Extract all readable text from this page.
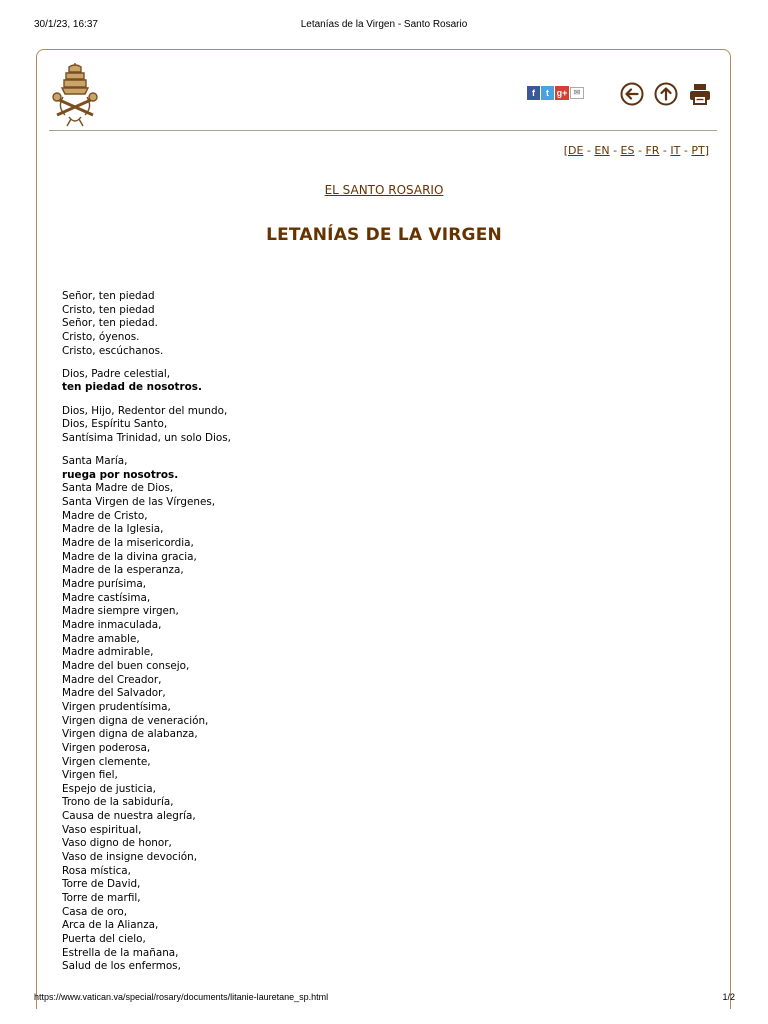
30/1/23, 16:37	Letanías de la Virgen - Santo Rosario
f	t g+ ✉
[DE - EN - ES - FR - IT - PT]
EL SANTO ROSARIO
LETANÍAS DE LA VIRGEN
Señor, ten piedad
Cristo, ten piedad
Señor, ten piedad.
Cristo, óyenos.
Cristo, escúchanos.
Dios, Padre celestial,
ten piedad de nosotros.
Dios, Hijo, Redentor del mundo,
Dios, Espíritu Santo,
Santísima Trinidad, un solo Dios,
Santa María,
ruega por nosotros.
Santa Madre de Dios,
Santa Virgen de las Vírgenes,
Madre de Cristo,
Madre de la Iglesia,
Madre de la misericordia,
Madre de la divina gracia,
Madre de la esperanza,
Madre purísima,
Madre castísima,
Madre siempre virgen,
Madre inmaculada,
Madre amable,
Madre admirable,
Madre del buen consejo,
Madre del Creador,
Madre del Salvador,
Virgen prudentísima,
Virgen digna de veneración,
Virgen digna de alabanza,
Virgen poderosa,
Virgen clemente,
Virgen fiel,
Espejo de justicia,
Trono de la sabiduría,
Causa de nuestra alegría,
Vaso espiritual,
Vaso digno de honor,
Vaso de insigne devoción,
Rosa mística,
Torre de David,
Torre de marfil,
Casa de oro,
Arca de la Alianza,
Puerta del cielo,
Estrella de la mañana,
Salud de los enfermos,
https://www.vatican.va/special/rosary/documents/litanie-lauretane_sp.html	1/2
